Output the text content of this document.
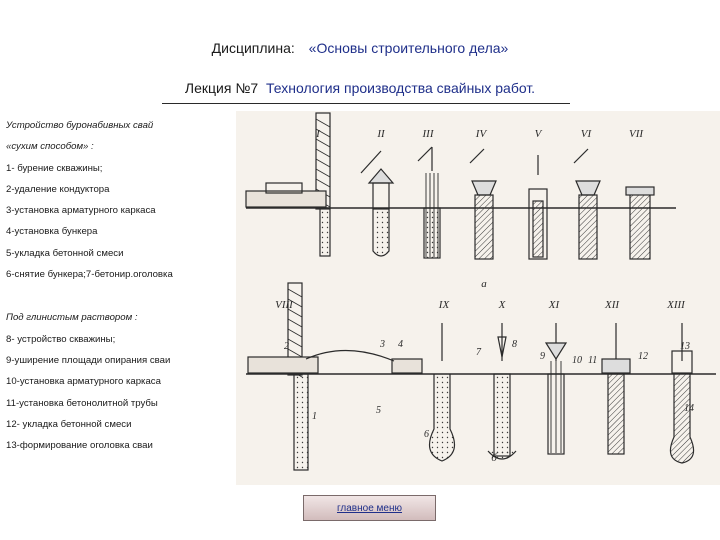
Дисциплина: «Основы строительного дела»
Лекция №7 Технология производства свайных работ.
Устройство буронабивных свай
«сухим способом» :
1- бурение скважины;
2-удаление кондуктора
3-установка арматурного каркаса
4-установка бункера
5-укладка бетонной смеси
6-снятие бункера;7-бетонир.оголовка
Под глинистым раствором :
8- устройство скважины;
9-уширение площади опирания сваи
10-установка арматурного каркаса
11-установка бетонолитной трубы
12- укладка бетонной смеси
13-формирование оголовка сваи
I	II	III	IV	V	VI	VII
а
VIII	IX	X	XI	XII	XIII
б
1
2	3 4
5
6
7
8
9	10 11	12
13
14
главное меню
